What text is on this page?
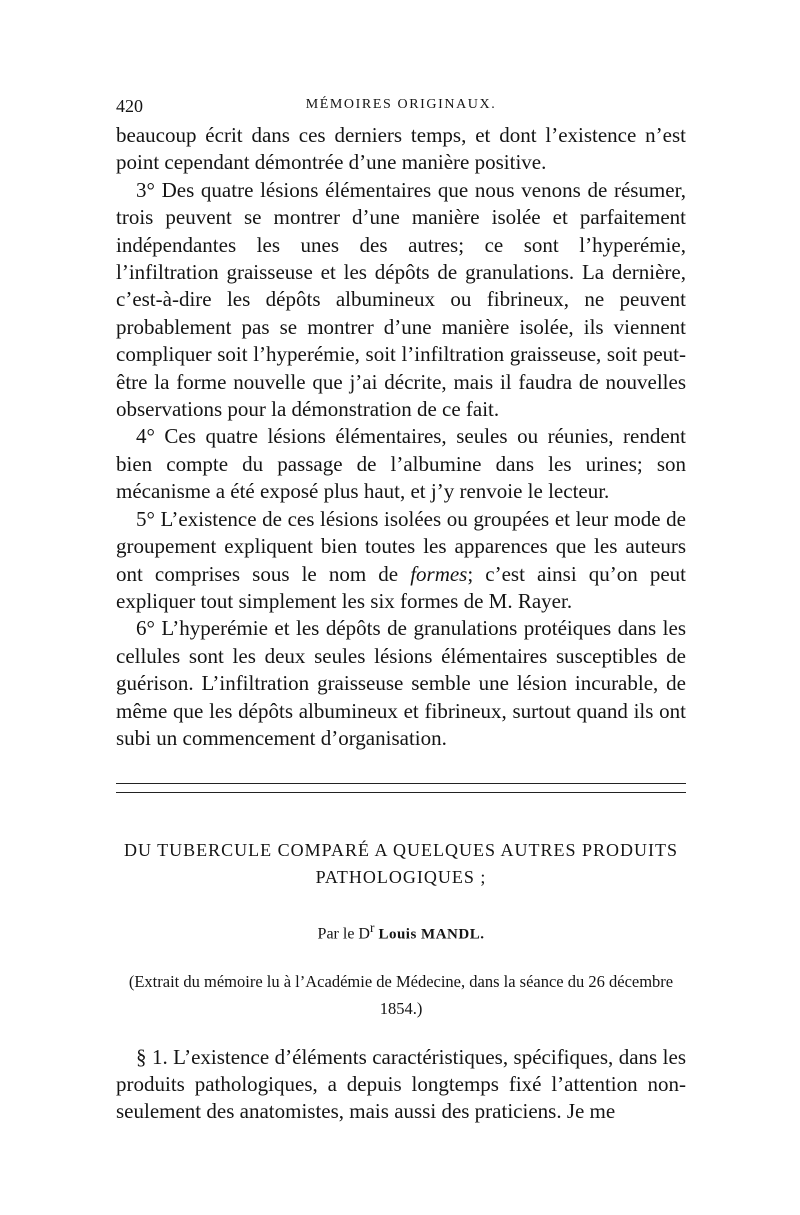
420	MÉMOIRES ORIGINAUX.

beaucoup écrit dans ces derniers temps, et dont l’existence n’est point cependant démontrée d’une manière positive.

3° Des quatre lésions élémentaires que nous venons de résumer, trois peuvent se montrer d’une manière isolée et parfaitement indépendantes les unes des autres; ce sont l’hyperémie, l’infiltration graisseuse et les dépôts de granulations. La dernière, c’est-à-dire les dépôts albumineux ou fibrineux, ne peuvent probablement pas se montrer d’une manière isolée, ils viennent compliquer soit l’hyperémie, soit l’infiltration graisseuse, soit peut-être la forme nouvelle que j’ai décrite, mais il faudra de nouvelles observations pour la démonstration de ce fait.

4° Ces quatre lésions élémentaires, seules ou réunies, rendent bien compte du passage de l’albumine dans les urines; son mécanisme a été exposé plus haut, et j’y renvoie le lecteur.

5° L’existence de ces lésions isolées ou groupées et leur mode de groupement expliquent bien toutes les apparences que les auteurs ont comprises sous le nom de formes; c’est ainsi qu’on peut expliquer tout simplement les six formes de M. Rayer.

6° L’hyperémie et les dépôts de granulations protéiques dans les cellules sont les deux seules lésions élémentaires susceptibles de guérison. L’infiltration graisseuse semble une lésion incurable, de même que les dépôts albumineux et fibrineux, surtout quand ils ont subi un commencement d’organisation.

DU TUBERCULE COMPARÉ A QUELQUES AUTRES PRODUITS
PATHOLOGIQUES ;

Par le $D^r$ Louis MANDL.

(Extrait du mémoire lu à l’Académie de Médecine, dans la séance du 26 décembre 1854.)

§ 1. L’existence d’éléments caractéristiques, spécifiques, dans les produits pathologiques, a depuis longtemps fixé l’attention non-seulement des anatomistes, mais aussi des praticiens. Je me
